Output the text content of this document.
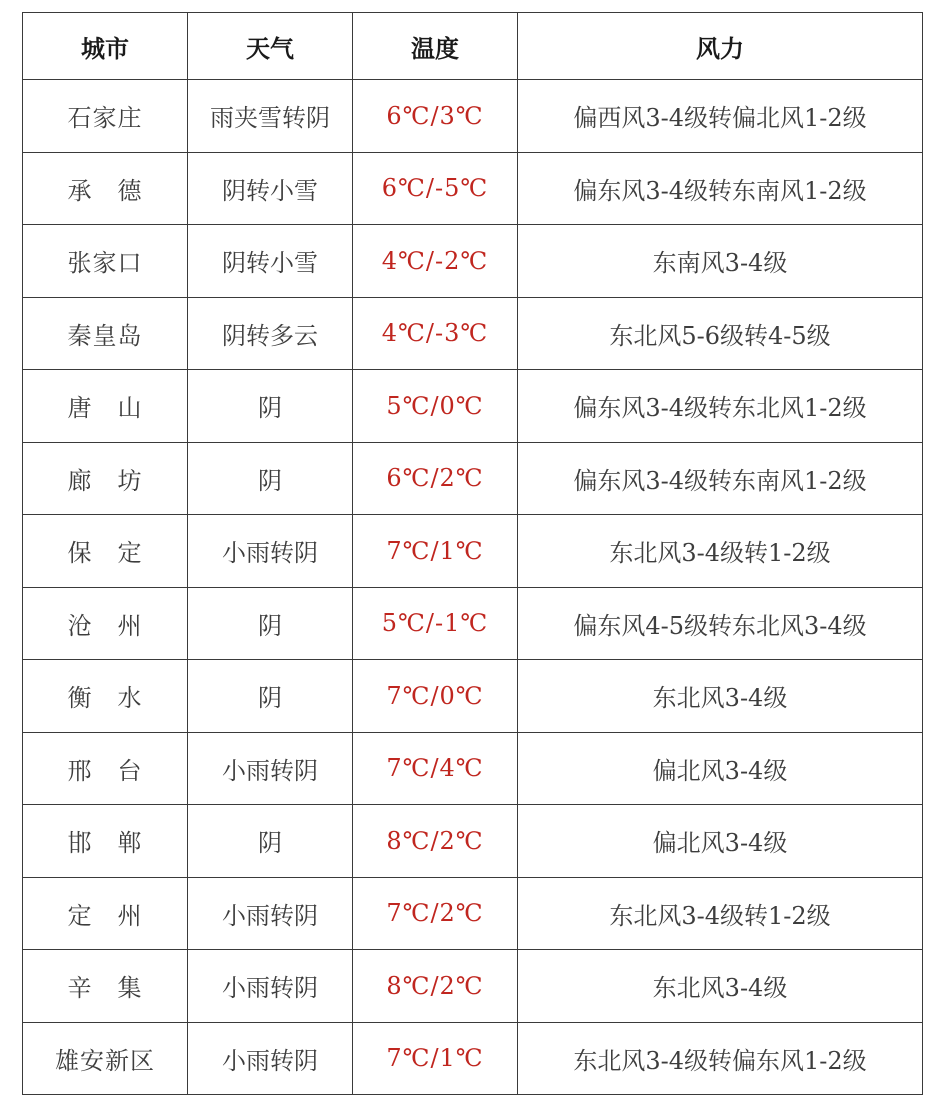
城市	天气	温度	风力
石家庄	雨夹雪转阴	6℃/3℃	偏西风3-4级转偏北风1-2级
承　德	阴转小雪	6℃/-5℃	偏东风3-4级转东南风1-2级
张家口	阴转小雪	4℃/-2℃	东南风3-4级
秦皇岛	阴转多云	4℃/-3℃	东北风5-6级转4-5级
唐　山	阴	5℃/0℃	偏东风3-4级转东北风1-2级
廊　坊	阴	6℃/2℃	偏东风3-4级转东南风1-2级
保　定	小雨转阴	7℃/1℃	东北风3-4级转1-2级
沧　州	阴	5℃/-1℃	偏东风4-5级转东北风3-4级
衡　水	阴	7℃/0℃	东北风3-4级
邢　台	小雨转阴	7℃/4℃	偏北风3-4级
邯　郸	阴	8℃/2℃	偏北风3-4级
定　州	小雨转阴	7℃/2℃	东北风3-4级转1-2级
辛　集	小雨转阴	8℃/2℃	东北风3-4级
雄安新区	小雨转阴	7℃/1℃	东北风3-4级转偏东风1-2级
